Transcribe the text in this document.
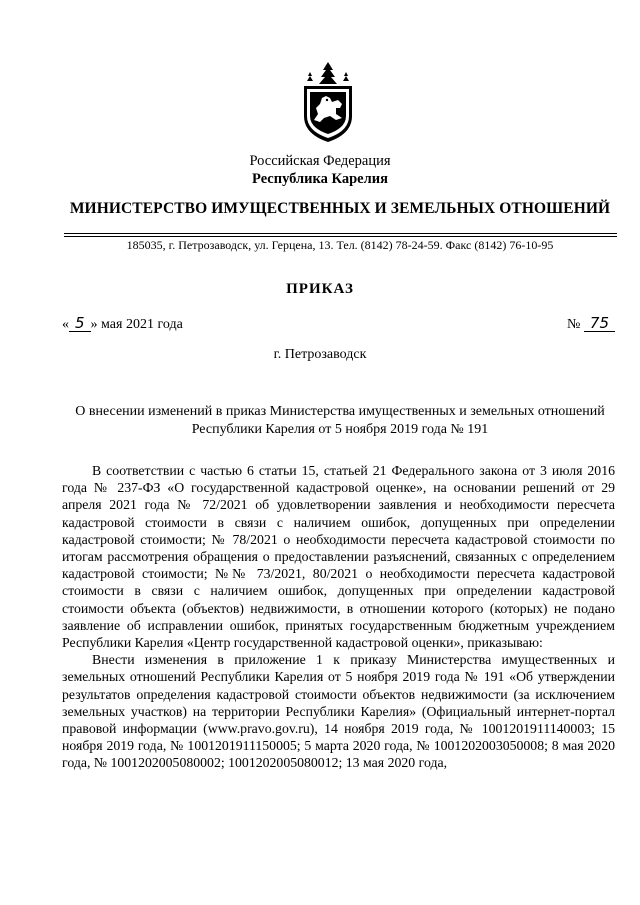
Российская Федерация
Республика Карелия
МИНИСТЕРСТВО ИМУЩЕСТВЕННЫХ И ЗЕМЕЛЬНЫХ ОТНОШЕНИЙ
185035, г. Петрозаводск, ул. Герцена, 13. Тел. (8142) 78-24-59. Факс (8142) 76-10-95
ПРИКАЗ
« 5 » мая 2021 года	№ 75
г. Петрозаводск
О внесении изменений в приказ Министерства имущественных и земельных отношений Республики Карелия от 5 ноября 2019 года № 191

В соответствии с частью 6 статьи 15, статьей 21 Федерального закона от 3 июля 2016 года № 237-ФЗ «О государственной кадастровой оценке», на основании решений от 29 апреля 2021 года № 72/2021 об удовлетворении заявления и необходимости пересчета кадастровой стоимости в связи с наличием ошибок, допущенных при определении кадастровой стоимости; № 78/2021 о необходимости пересчета кадастровой стоимости по итогам рассмотрения обращения о предоставлении разъяснений, связанных с определением кадастровой стоимости; №№ 73/2021, 80/2021 о необходимости пересчета кадастровой стоимости в связи с наличием ошибок, допущенных при определении кадастровой стоимости объекта (объектов) недвижимости, в отношении которого (которых) не подано заявление об исправлении ошибок, принятых государственным бюджетным учреждением Республики Карелия «Центр государственной кадастровой оценки», приказываю:

Внести изменения в приложение 1 к приказу Министерства имущественных и земельных отношений Республики Карелия от 5 ноября 2019 года № 191 «Об утверждении результатов определения кадастровой стоимости объектов недвижимости (за исключением земельных участков) на территории Республики Карелия» (Официальный интернет-портал правовой информации (www.pravo.gov.ru), 14 ноября 2019 года, № 1001201911140003; 15 ноября 2019 года, № 1001201911150005; 5 марта 2020 года, № 1001202003050008; 8 мая 2020 года, № 1001202005080002; 1001202005080012; 13 мая 2020 года,
